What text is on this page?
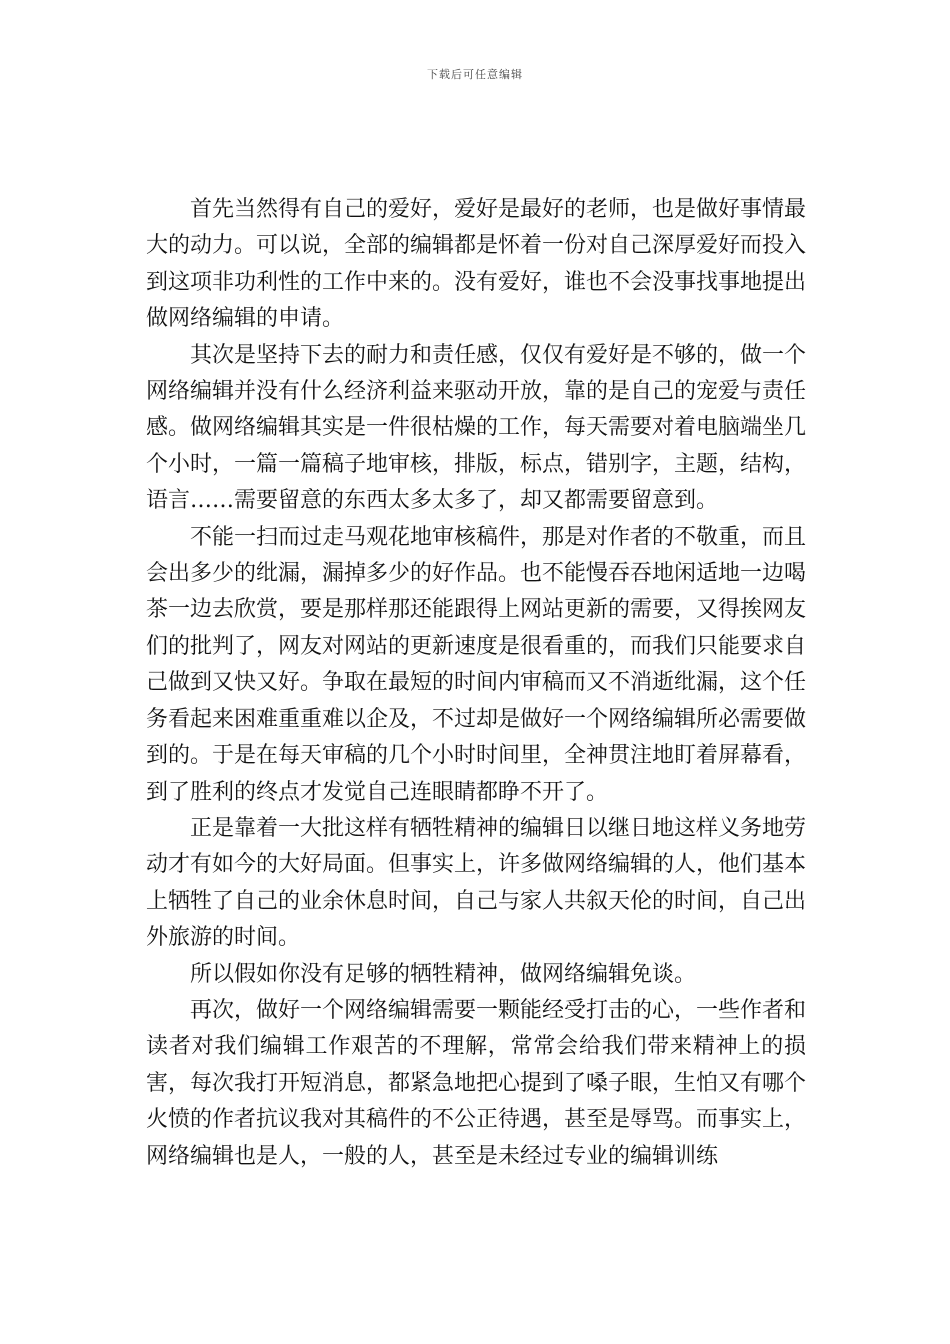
下载后可任意编辑

首先当然得有自己的爱好，爱好是最好的老师，也是做好事情最大的动力。可以说，全部的编辑都是怀着一份对自己深厚爱好而投入到这项非功利性的工作中来的。没有爱好，谁也不会没事找事地提出做网络编辑的申请。

其次是坚持下去的耐力和责任感，仅仅有爱好是不够的，做一个网络编辑并没有什么经济利益来驱动开放，靠的是自己的宠爱与责任感。做网络编辑其实是一件很枯燥的工作，每天需要对着电脑端坐几个小时，一篇一篇稿子地审核，排版，标点，错别字，主题，结构，语言……需要留意的东西太多太多了，却又都需要留意到。

不能一扫而过走马观花地审核稿件，那是对作者的不敬重，而且会出多少的纰漏，漏掉多少的好作品。也不能慢吞吞地闲适地一边喝茶一边去欣赏，要是那样那还能跟得上网站更新的需要，又得挨网友们的批判了，网友对网站的更新速度是很看重的，而我们只能要求自己做到又快又好。争取在最短的时间内审稿而又不消逝纰漏，这个任务看起来困难重重难以企及，不过却是做好一个网络编辑所必需要做到的。于是在每天审稿的几个小时时间里，全神贯注地盯着屏幕看，到了胜利的终点才发觉自己连眼睛都睁不开了。

正是靠着一大批这样有牺牲精神的编辑日以继日地这样义务地劳动才有如今的大好局面。但事实上，许多做网络编辑的人，他们基本上牺牲了自己的业余休息时间，自己与家人共叙天伦的时间，自己出外旅游的时间。

所以假如你没有足够的牺牲精神，做网络编辑免谈。

再次，做好一个网络编辑需要一颗能经受打击的心，一些作者和读者对我们编辑工作艰苦的不理解，常常会给我们带来精神上的损害，每次我打开短消息，都紧急地把心提到了嗓子眼，生怕又有哪个火愤的作者抗议我对其稿件的不公正待遇，甚至是辱骂。而事实上，网络编辑也是人，一般的人，甚至是未经过专业的编辑训练
